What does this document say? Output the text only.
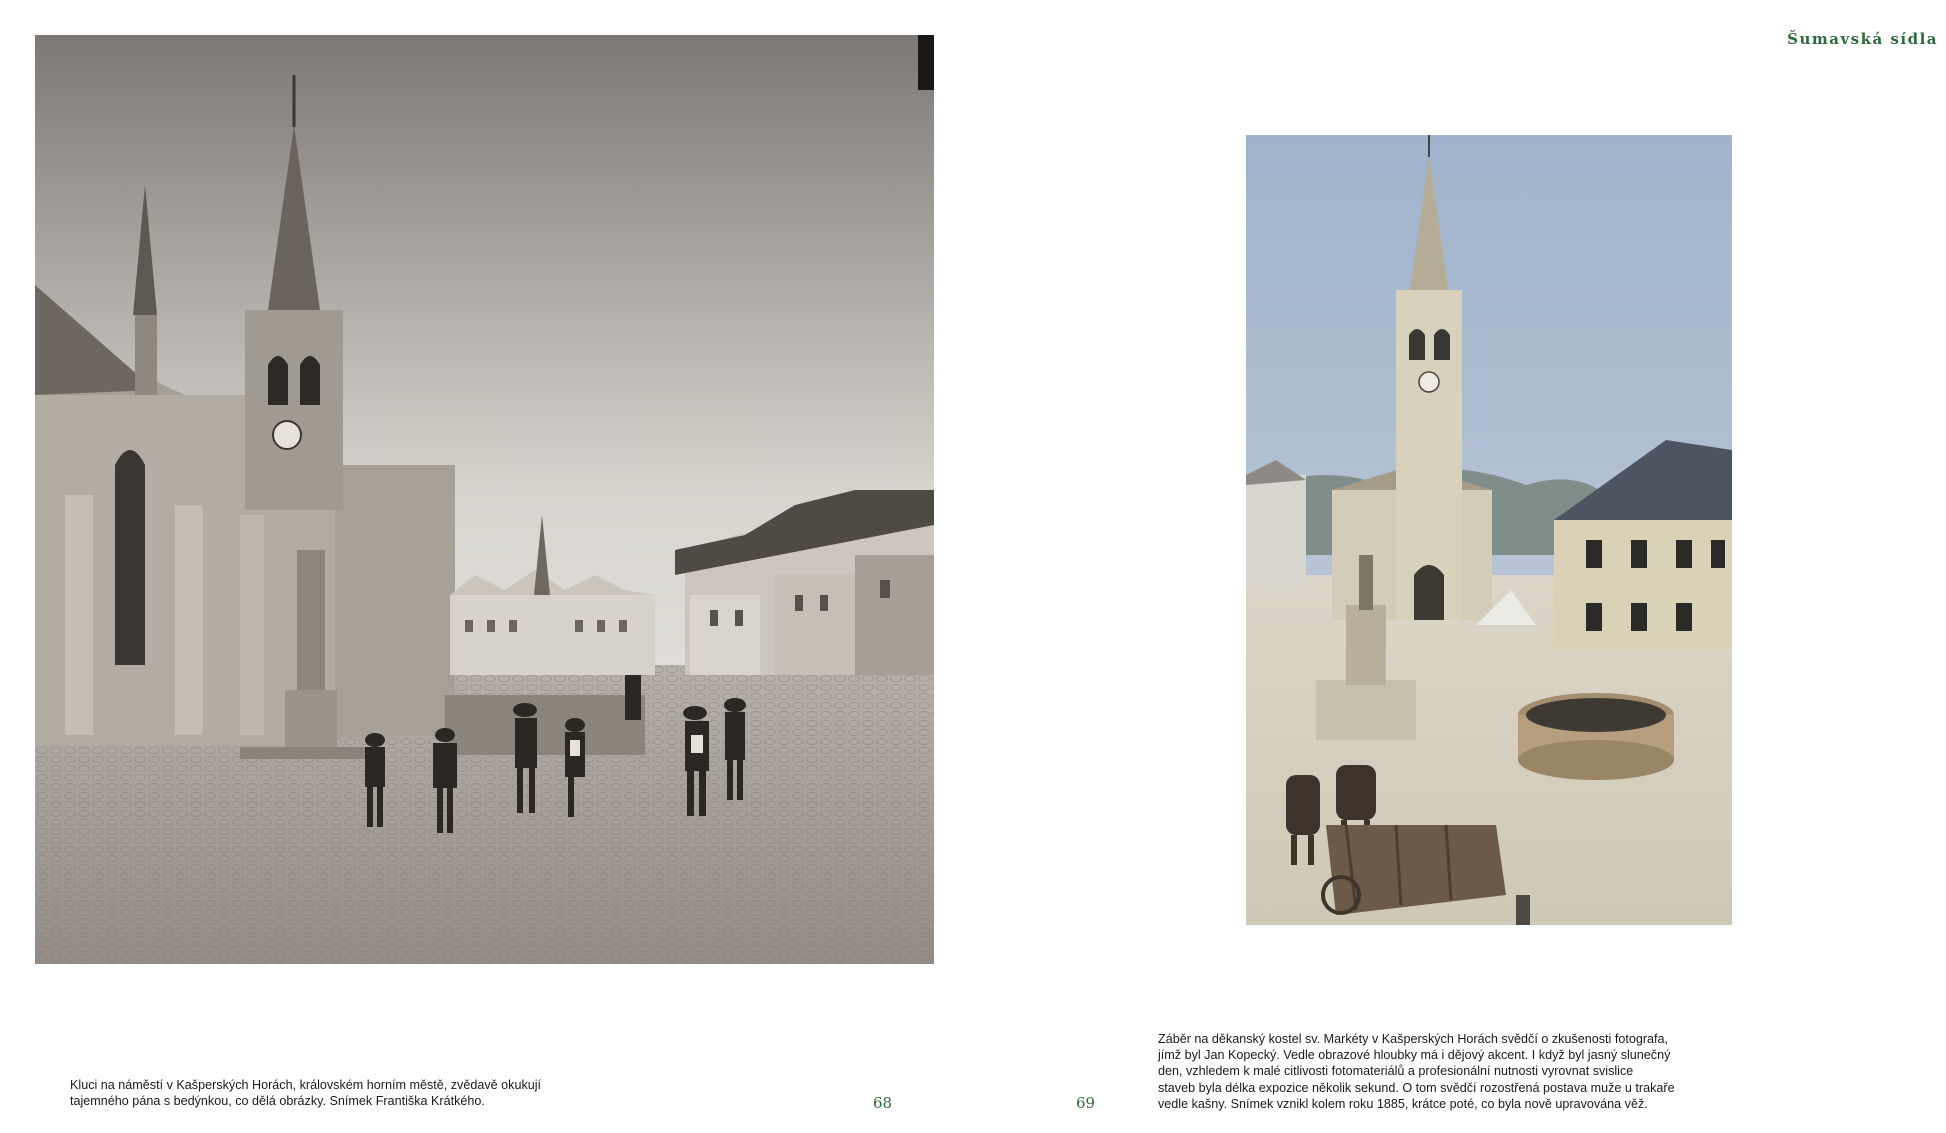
Kluci na náměstí v Kašperských Horách, královském horním městě, zvědavě okukují

tajemného pána s bedýnkou, co dělá obrázky. Snímek Františka Krátkého.	68
Šumavská sídla

Záběr na děkanský kostel sv. Markéty v Kašperských Horách svědčí o zkušenosti fotografa,

jímž byl Jan Kopecký. Vedle obrazové hloubky má i dějový akcent. I když byl jasný slunečný

den, vzhledem k malé citlivosti fotomateriálů a profesionální nutnosti vyrovnat svislice

staveb byla délka expozice několik sekund. O tom svědčí rozostřená postava muže u trakaře

vedle kašny. Snímek vznikl kolem roku 1885, krátce poté, co byla nově upravována věž.

69
